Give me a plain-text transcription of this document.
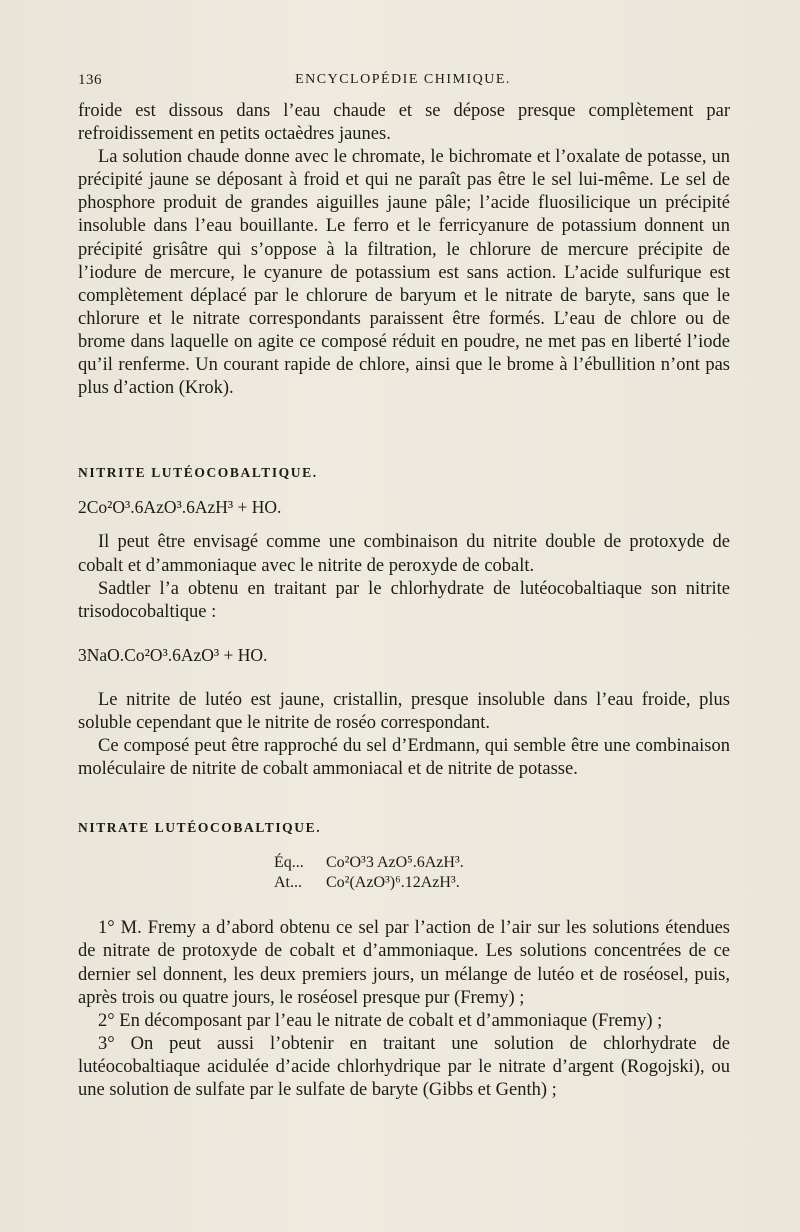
136	ENCYCLOPÉDIE CHIMIQUE.

froide est dissous dans l’eau chaude et se dépose presque complètement par refroidissement en petits octaèdres jaunes.

La solution chaude donne avec le chromate, le bichromate et l’oxalate de potasse, un précipité jaune se déposant à froid et qui ne paraît pas être le sel lui-même. Le sel de phosphore produit de grandes aiguilles jaune pâle; l’acide fluosilicique un précipité insoluble dans l’eau bouillante. Le ferro et le ferricyanure de potassium donnent un précipité grisâtre qui s’oppose à la filtration, le chlorure de mercure précipite de l’iodure de mercure, le cyanure de potassium est sans action. L’acide sulfurique est complètement déplacé par le chlorure de baryum et le nitrate de baryte, sans que le chlorure et le nitrate correspondants paraissent être formés. L’eau de chlore ou de brome dans laquelle on agite ce composé réduit en poudre, ne met pas en liberté l’iode qu’il renferme. Un courant rapide de chlore, ainsi que le brome à l’ébullition n’ont pas plus d’action (Krok).

NITRITE LUTÉOCOBALTIQUE.

2Co²O³.6AzO³.6AzH³ + HO.

Il peut être envisagé comme une combinaison du nitrite double de protoxyde de cobalt et d’ammoniaque avec le nitrite de peroxyde de cobalt.

Sadtler l’a obtenu en traitant par le chlorhydrate de lutéocobaltiaque son nitrite trisodocobaltique :

3NaO.Co²O³.6AzO³ + HO.

Le nitrite de lutéo est jaune, cristallin, presque insoluble dans l’eau froide, plus soluble cependant que le nitrite de roséo correspondant.

Ce composé peut être rapproché du sel d’Erdmann, qui semble être une combinaison moléculaire de nitrite de cobalt ammoniacal et de nitrite de potasse.

NITRATE LUTÉOCOBALTIQUE.

Éq... Co²O³3 AzO⁵.6AzH³.
At... Co²(AzO³)⁶.12AzH³.

1° M. Fremy a d’abord obtenu ce sel par l’action de l’air sur les solutions étendues de nitrate de protoxyde de cobalt et d’ammoniaque. Les solutions concentrées de ce dernier sel donnent, les deux premiers jours, un mélange de lutéo et de roséosel, puis, après trois ou quatre jours, le roséosel presque pur (Fremy) ;

2° En décomposant par l’eau le nitrate de cobalt et d’ammoniaque (Fremy) ;

3° On peut aussi l’obtenir en traitant une solution de chlorhydrate de lutéocobaltiaque acidulée d’acide chlorhydrique par le nitrate d’argent (Rogojski), ou une solution de sulfate par le sulfate de baryte (Gibbs et Genth) ;
